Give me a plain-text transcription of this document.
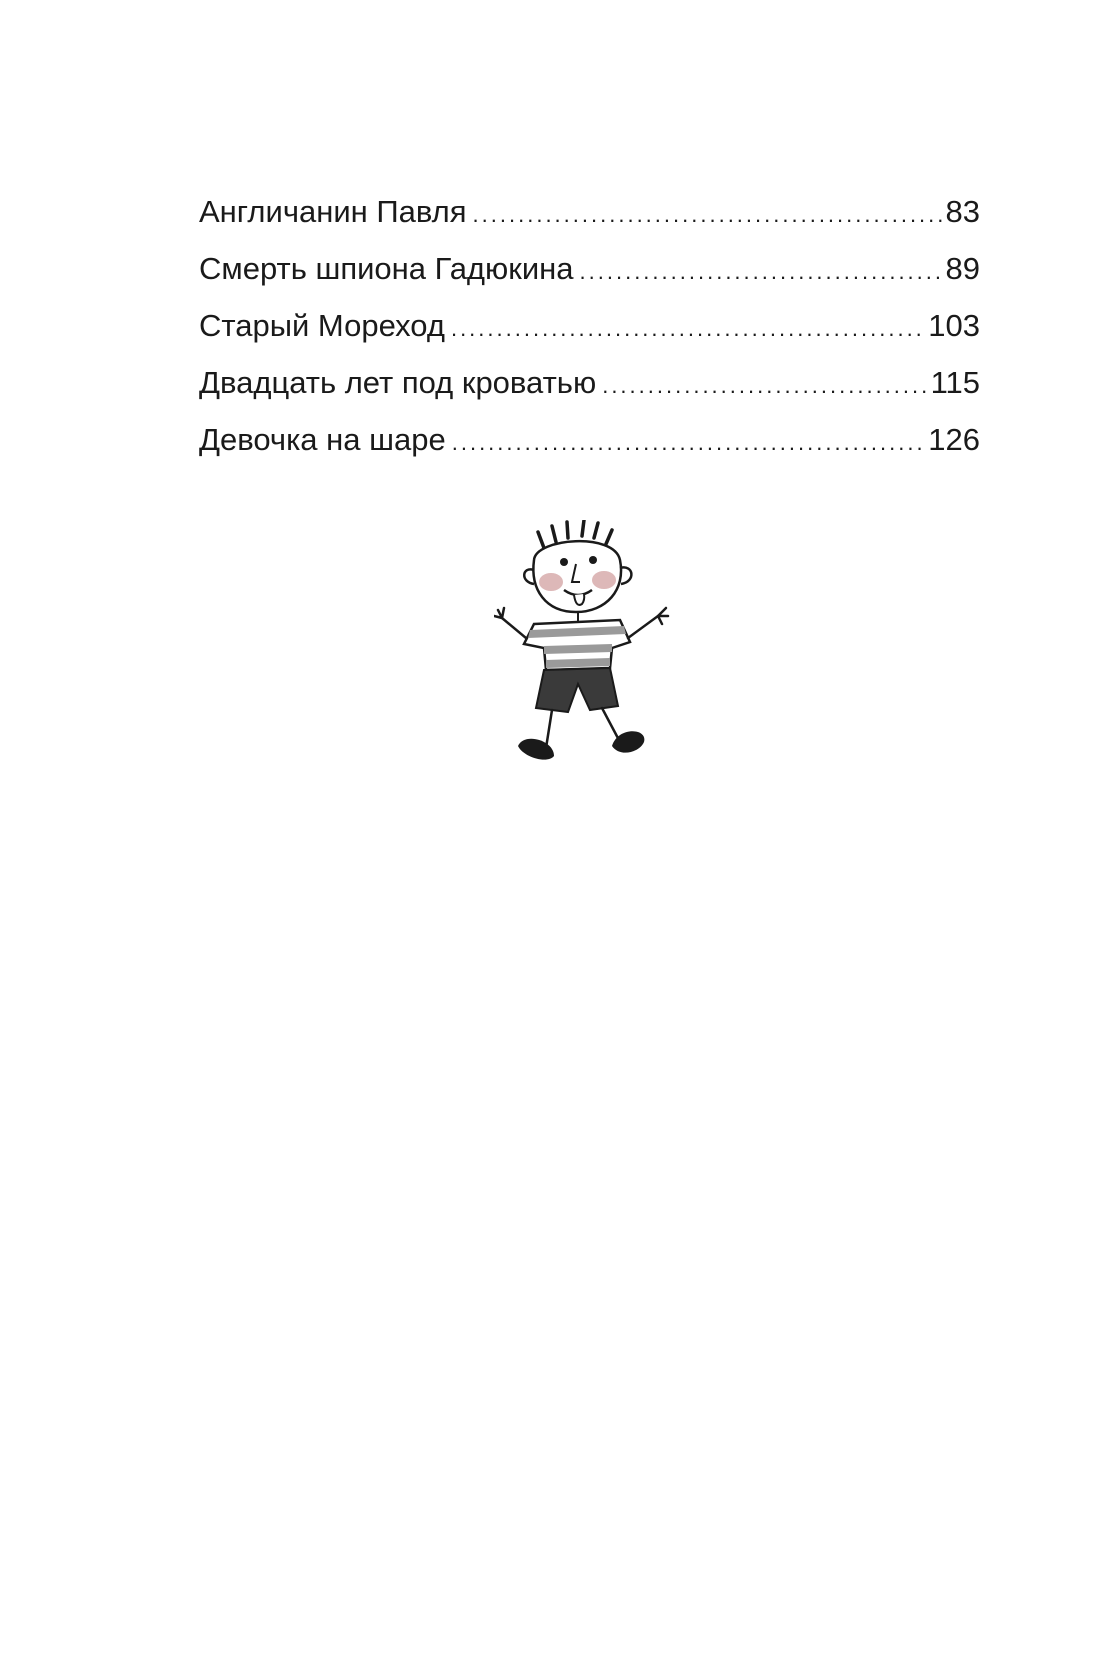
Англичанин Павля .....	83
Смерть шпиона Гадюкина .....	89
Старый Мореход .....	103
Двадцать лет под кроватью .....	115
Девочка на шаре .....	126
